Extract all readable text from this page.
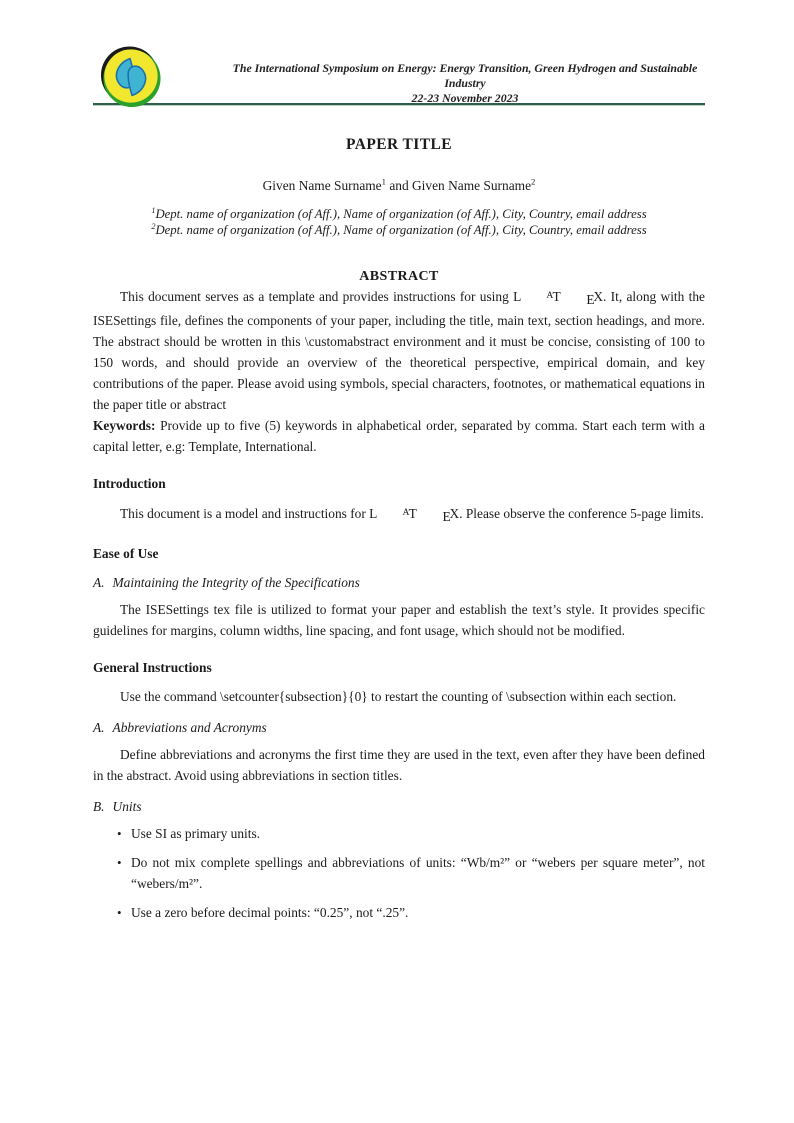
The International Symposium on Energy: Energy Transition, Green Hydrogen and Sustainable Industry
22-23 November 2023
PAPER TITLE

Given Name Surname$^1$ and Given Name Surname$^2$

$^1$Dept. name of organization (of Aff.), Name of organization (of Aff.), City, Country, email address

$^2$Dept. name of organization (of Aff.), Name of organization (of Aff.), City, Country, email address

ABSTRACT

This document serves as a template and provides instructions for using L	AT EX. It, along with the ISESettings file, defines the components of your paper, including the title, main text, section headings, and more. The abstract should be wrotten in this \customabstract environment and it must be concise, consisting of 100 to 150 words, and should provide an overview of the theoretical perspective, empirical domain, and key contributions of the paper. Please avoid using symbols, special characters, footnotes, or mathematical equations in the paper title or abstract

Keywords: Provide up to five (5) keywords in alphabetical order, separated by comma. Start each term with a capital letter, e.g: Template, International.

Introduction

This document is a model and instructions for L	AT EX. Please observe the conference 5-page limits.

Ease of Use
A. Maintaining the Integrity of the Specifications

The ISESettings tex file is utilized to format your paper and establish the text’s style. It provides specific guidelines for margins, column widths, line spacing, and font usage, which should not be modified.

General Instructions

Use the command \setcounter{subsection}{0} to restart the counting of \subsection within each section.

A. Abbreviations and Acronyms

Define abbreviations and acronyms the first time they are used in the text, even after they have been defined in the abstract. Avoid using abbreviations in section titles.

B. Units
• Use SI as primary units.
• Do not mix complete spellings and abbreviations of units: “Wb/m²” or “webers per square meter”, not “webers/m²”.
• Use a zero before decimal points: “0.25”, not “.25”.
